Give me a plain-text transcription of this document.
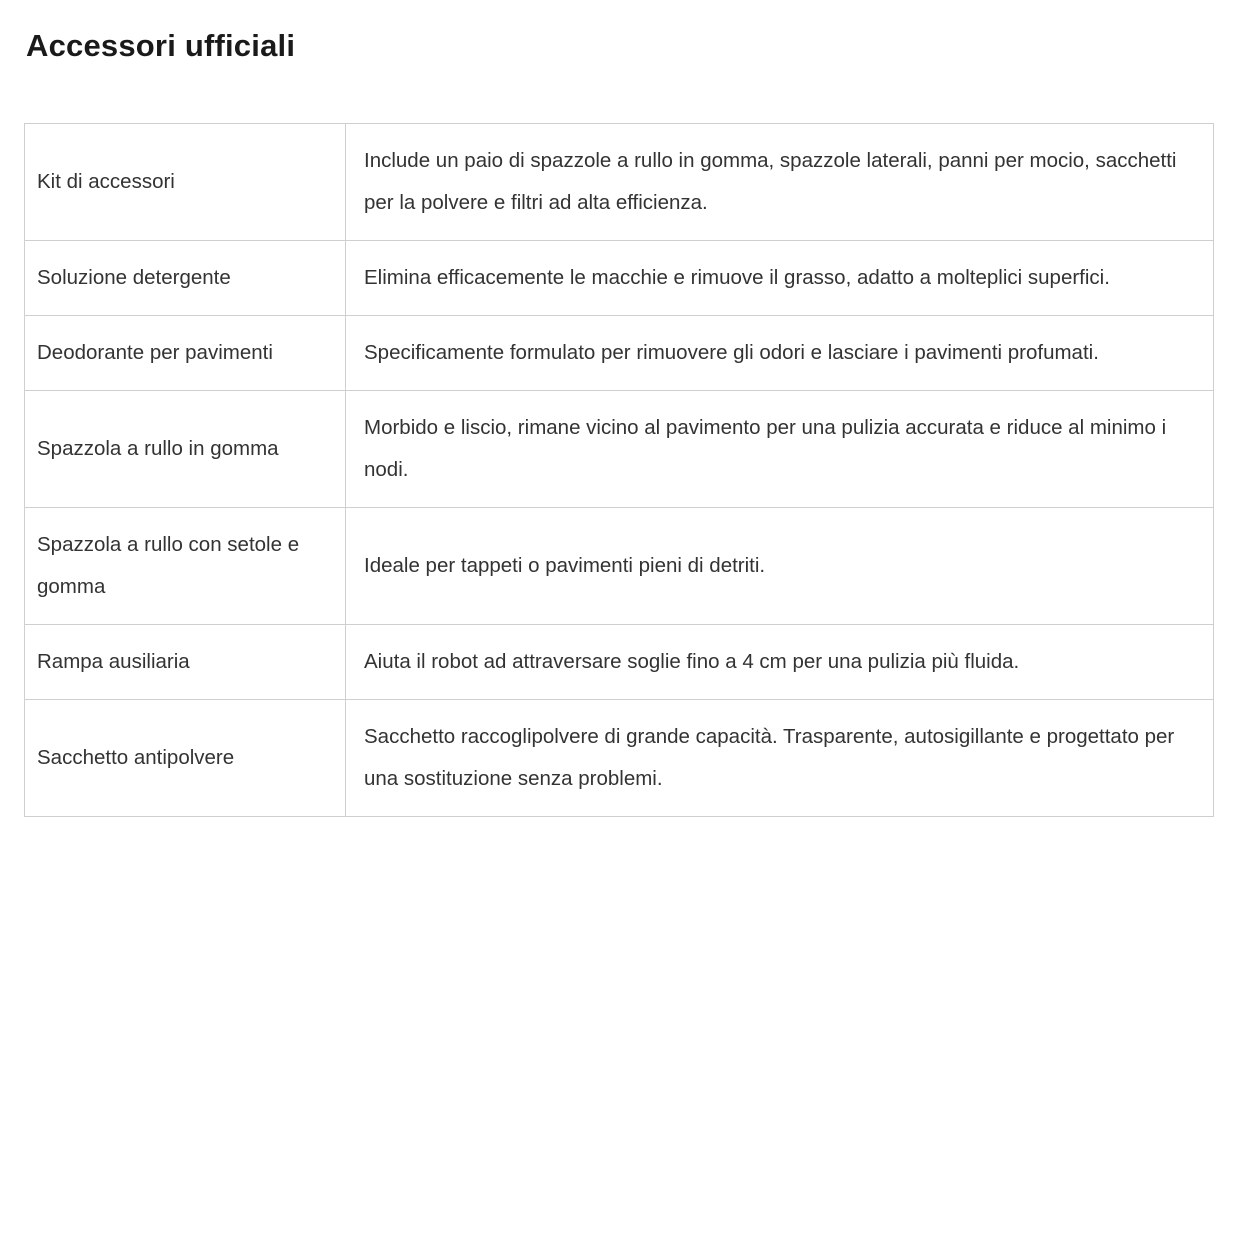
Accessori ufficiali
Kit di accessori	Include un paio di spazzole a rullo in gomma, spazzole laterali, panni per mocio, sacchetti per la polvere e filtri ad alta efficienza.

Soluzione detergente	Elimina efficacemente le macchie e rimuove il grasso, adatto a molteplici superfici.

Deodorante per pavimenti	Specificamente formulato per rimuovere gli odori e lasciare i pavimenti profumati.

Spazzola a rullo in gomma	Morbido e liscio, rimane vicino al pavimento per una pulizia accurata e riduce al minimo i nodi.

Spazzola a rullo con setole e gomma	Ideale per tappeti o pavimenti pieni di detriti.

Rampa ausiliaria	Aiuta il robot ad attraversare soglie fino a 4 cm per una pulizia più fluida.

Sacchetto antipolvere	Sacchetto raccoglipolvere di grande capacità. Trasparente, autosigillante e progettato per una sostituzione senza problemi.
